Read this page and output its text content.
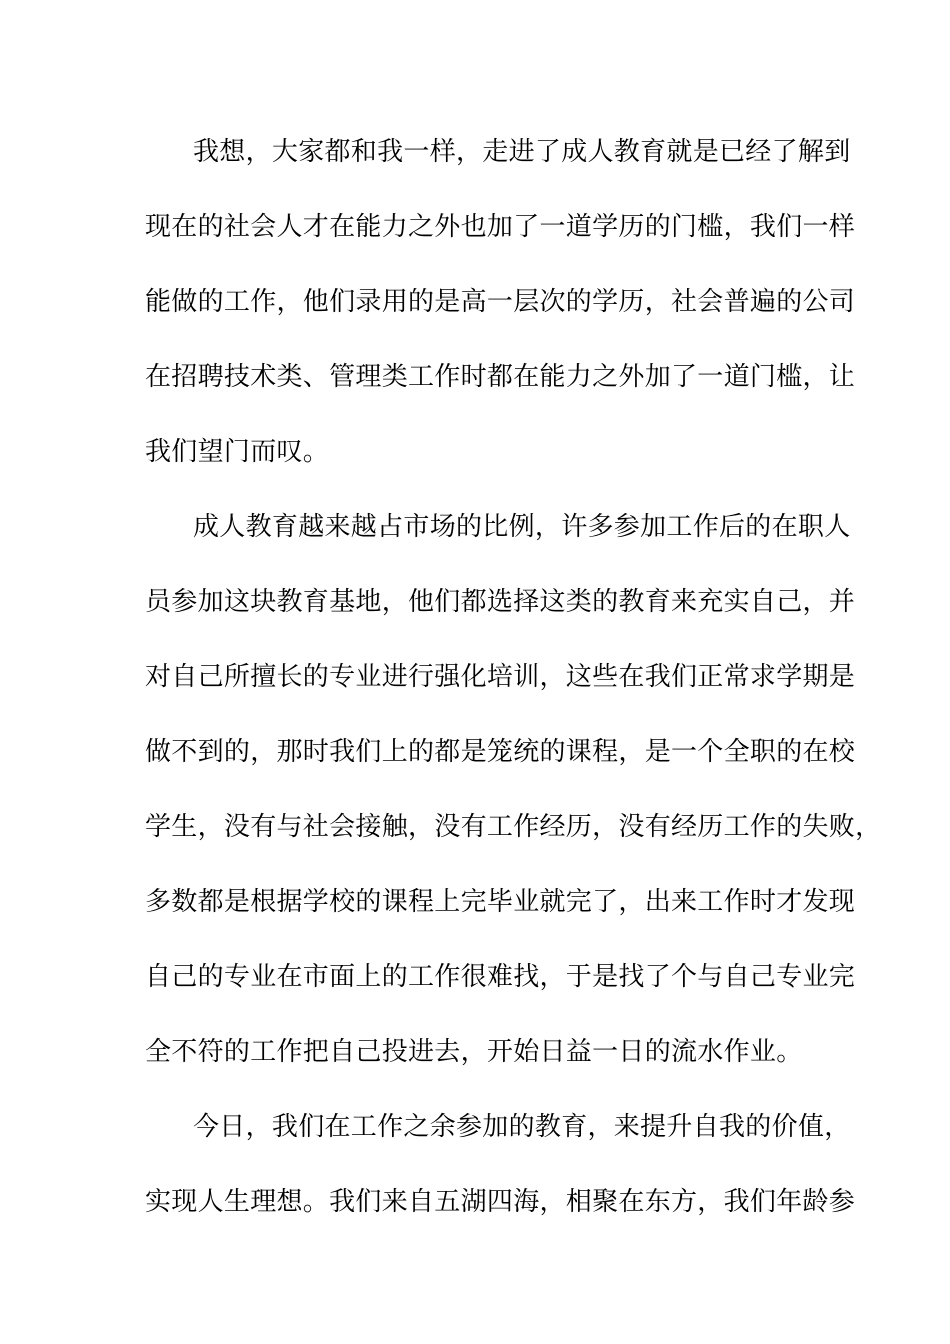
我想，大家都和我一样，走进了成人教育就是已经了解到
现在的社会人才在能力之外也加了一道学历的门槛，我们一样
能做的工作，他们录用的是高一层次的学历，社会普遍的公司
在招聘技术类、管理类工作时都在能力之外加了一道门槛，让
我们望门而叹。
成人教育越来越占市场的比例，许多参加工作后的在职人
员参加这块教育基地，他们都选择这类的教育来充实自己，并
对自己所擅长的专业进行强化培训，这些在我们正常求学期是
做不到的，那时我们上的都是笼统的课程，是一个全职的在校
学生，没有与社会接触，没有工作经历，没有经历工作的失败，
多数都是根据学校的课程上完毕业就完了，出来工作时才发现
自己的专业在市面上的工作很难找，于是找了个与自己专业完
全不符的工作把自己投进去，开始日益一日的流水作业。
今日，我们在工作之余参加的教育，来提升自我的价值，
实现人生理想。我们来自五湖四海，相聚在东方，我们年龄参
